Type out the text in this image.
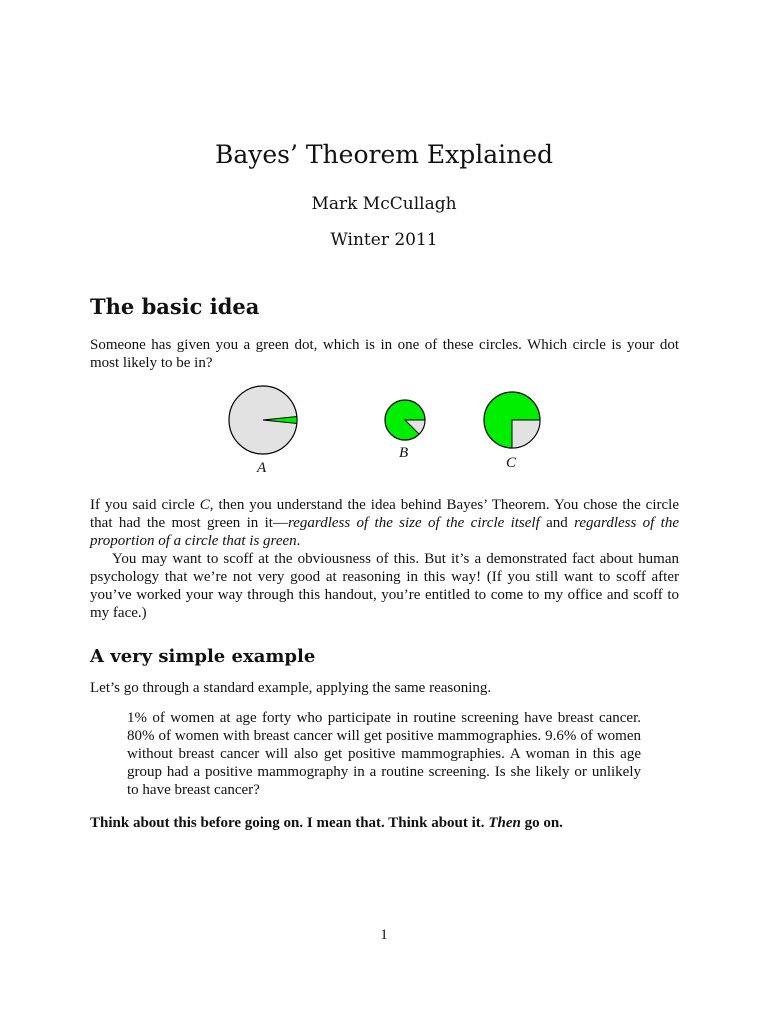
Bayes’ Theorem Explained
Mark McCullagh
Winter 2011
The basic idea

Someone has given you a green dot, which is in one of these circles. Which circle is your dot most likely to be in?

A
B
C

If you said circle C, then you understand the idea behind Bayes’ Theorem. You chose the circle that had the most green in it—regardless of the size of the circle itself and regardless of the proportion of a circle that is green.

You may want to scoff at the obviousness of this. But it’s a demonstrated fact about human psychology that we’re not very good at reasoning in this way! (If you still want to scoff after you’ve worked your way through this handout, you’re entitled to come to my office and scoff to my face.)

A very simple example

Let’s go through a standard example, applying the same reasoning.

1% of women at age forty who participate in routine screening have breast cancer. 80% of women with breast cancer will get positive mammographies. 9.6% of women without breast cancer will also get positive mammographies. A woman in this age group had a positive mammography in a routine screening. Is she likely or unlikely to have breast cancer?

Think about this before going on. I mean that. Think about it. Then go on.

1
